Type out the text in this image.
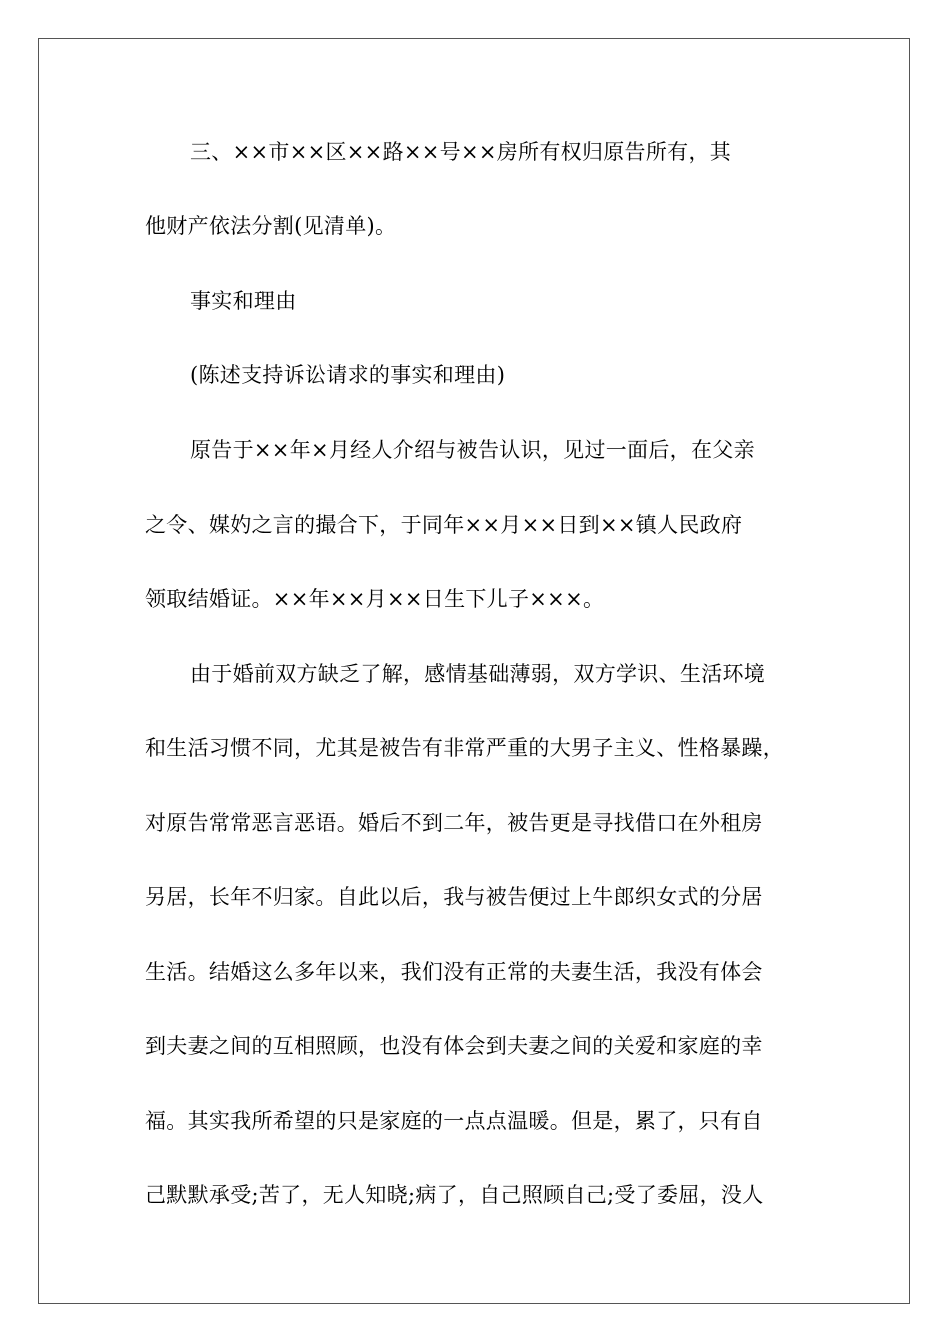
三、××市××区××路××号××房所有权归原告所有，其
他财产依法分割(见清单)。
事实和理由
(陈述支持诉讼请求的事实和理由)
原告于××年×月经人介绍与被告认识，见过一面后，在父亲
之令、媒妁之言的撮合下，于同年××月××日到××镇人民政府
领取结婚证。××年××月××日生下儿子×××。
由于婚前双方缺乏了解，感情基础薄弱，双方学识、生活环境
和生活习惯不同，尤其是被告有非常严重的大男子主义、性格暴躁，
对原告常常恶言恶语。婚后不到二年，被告更是寻找借口在外租房
另居，长年不归家。自此以后，我与被告便过上牛郎织女式的分居
生活。结婚这么多年以来，我们没有正常的夫妻生活，我没有体会
到夫妻之间的互相照顾，也没有体会到夫妻之间的关爱和家庭的幸
福。其实我所希望的只是家庭的一点点温暖。但是，累了，只有自
己默默承受;苦了，无人知晓;病了，自己照顾自己;受了委屈，没人
